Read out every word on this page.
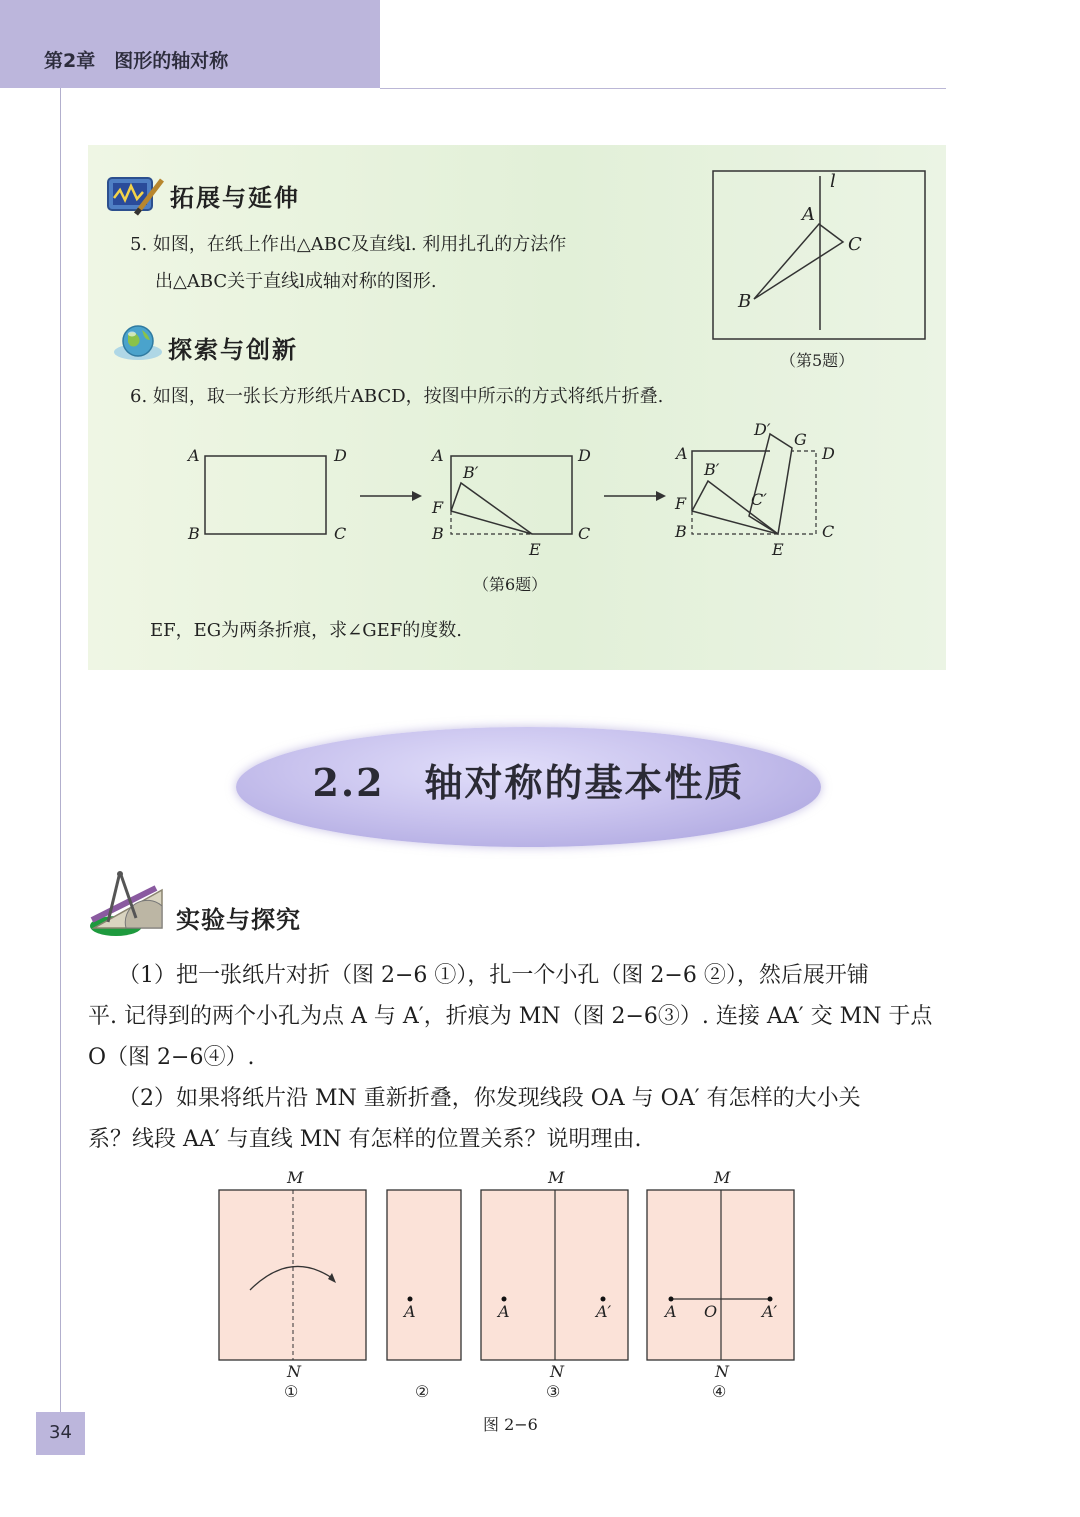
第2章　图形的轴对称
拓展与延伸
5. 如图，在纸上作出△ABC及直线l. 利用扎孔的方法作
出△ABC关于直线l成轴对称的图形.
l
A
C
B
（第5题）
探索与创新
6. 如图，取一张长方形纸片ABCD，按图中所示的方式将纸片折叠.
A	D
B	C
A	D
B′
F
B	C
E
A
D′
G
D
B′
F	C′
B	C
E
（第6题）
EF，EG为两条折痕，求∠GEF的度数.
2.2　轴对称的基本性质
实验与探究
（1）把一张纸片对折（图 2−6 ①），扎一个小孔（图 2−6 ②），然后展开铺
平. 记得到的两个小孔为点 A 与 A′，折痕为 MN（图 2−6③）. 连接 AA′ 交 MN 于点
O（图 2−6④）.
（2）如果将纸片沿 MN 重新折叠，你发现线段 OA 与 OA′ 有怎样的大小关
系？线段 AA′ 与直线 MN 有怎样的位置关系？说明理由.
M
N
①
A
②
M
A	A′
N
③
M
A O	A′
N
④
图 2−6
34
